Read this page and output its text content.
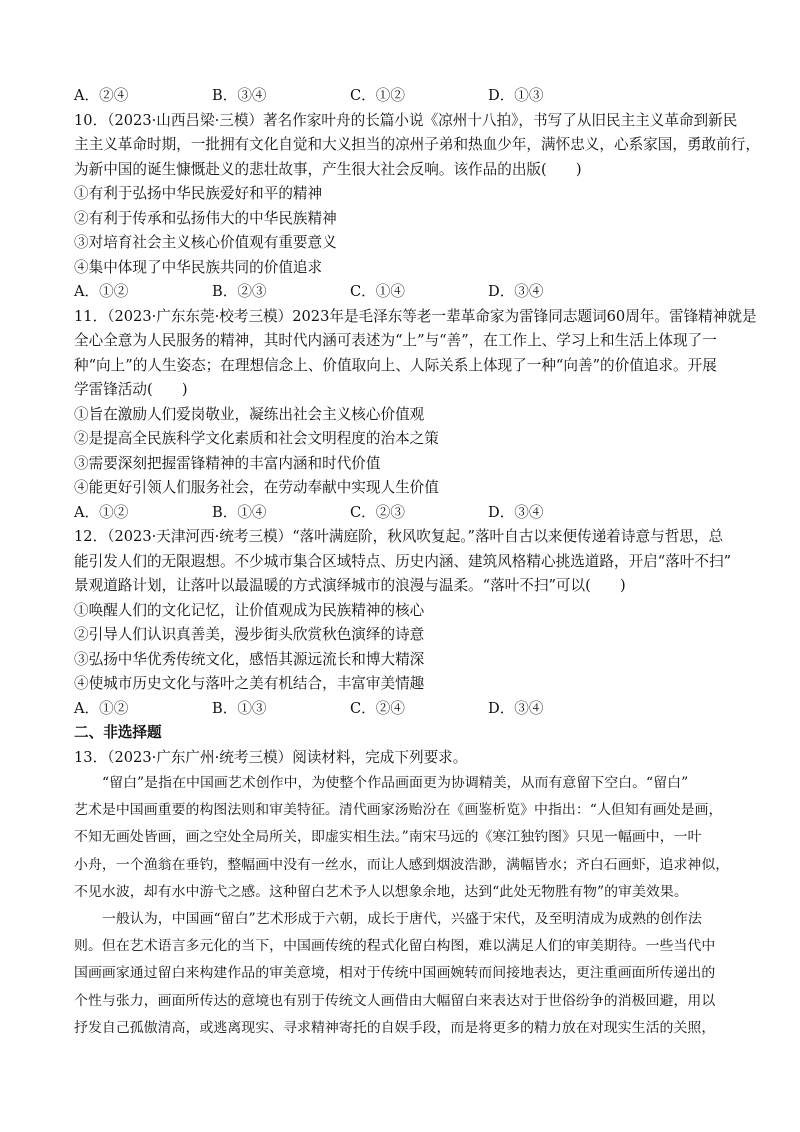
A．②④	B．③④	C．①②	D．①③
10．（2023·山西吕梁·三模）著名作家叶舟的长篇小说《凉州十八拍》，书写了从旧民主主义革命到新民
主主义革命时期，一批拥有文化自觉和大义担当的凉州子弟和热血少年，满怀忠义，心系家国，勇敢前行，
为新中国的诞生慷慨赴义的悲壮故事，产生很大社会反响。该作品的出版(　　)
①有利于弘扬中华民族爱好和平的精神
②有利于传承和弘扬伟大的中华民族精神
③对培育社会主义核心价值观有重要意义
④集中体现了中华民族共同的价值追求
A．①②	B．②③	C．①④	D．③④
11．（2023·广东东莞·校考三模）2023年是毛泽东等老一辈革命家为雷锋同志题词60周年。雷锋精神就是
全心全意为人民服务的精神，其时代内涵可表述为“上”与“善”，在工作上、学习上和生活上体现了一
种“向上”的人生姿态；在理想信念上、价值取向上、人际关系上体现了一种“向善”的价值追求。开展
学雷锋活动(　　)
①旨在激励人们爱岗敬业，凝练出社会主义核心价值观
②是提高全民族科学文化素质和社会文明程度的治本之策
③需要深刻把握雷锋精神的丰富内涵和时代价值
④能更好引领人们服务社会，在劳动奉献中实现人生价值
A．①②	B．①④	C．②③	D．③④
12．（2023·天津河西·统考三模）“落叶满庭阶，秋风吹复起。”落叶自古以来便传递着诗意与哲思，总
能引发人们的无限遐想。不少城市集合区域特点、历史内涵、建筑风格精心挑选道路，开启“落叶不扫”
景观道路计划，让落叶以最温暖的方式演绎城市的浪漫与温柔。“落叶不扫”可以(　　)
①唤醒人们的文化记忆，让价值观成为民族精神的核心
②引导人们认识真善美，漫步街头欣赏秋色演绎的诗意
③弘扬中华优秀传统文化，感悟其源远流长和博大精深
④使城市历史文化与落叶之美有机结合，丰富审美情趣
A．①②	B．①③	C．②④	D．③④
二、非选择题
13．（2023·广东广州·统考三模）阅读材料，完成下列要求。
“留白”是指在中国画艺术创作中，为使整个作品画面更为协调精美，从而有意留下空白。“留白”
艺术是中国画重要的构图法则和审美特征。清代画家汤贻汾在《画鉴析览》中指出：“人但知有画处是画，
不知无画处皆画，画之空处全局所关，即虚实相生法。”南宋马远的《寒江独钓图》只见一幅画中，一叶
小舟，一个渔翁在垂钓，整幅画中没有一丝水，而让人感到烟波浩渺，满幅皆水；齐白石画虾，追求神似，
不见水波，却有水中游弋之感。这种留白艺术予人以想象余地，达到“此处无物胜有物”的审美效果。
一般认为，中国画“留白”艺术形成于六朝，成长于唐代，兴盛于宋代，及至明清成为成熟的创作法
则。但在艺术语言多元化的当下，中国画传统的程式化留白构图，难以满足人们的审美期待。一些当代中
国画画家通过留白来构建作品的审美意境，相对于传统中国画婉转而间接地表达，更注重画面所传递出的
个性与张力，画面所传达的意境也有别于传统文人画借由大幅留白来表达对于世俗纷争的消极回避，用以
抒发自己孤傲清高，或逃离现实、寻求精神寄托的自娱手段，而是将更多的精力放在对现实生活的关照，
